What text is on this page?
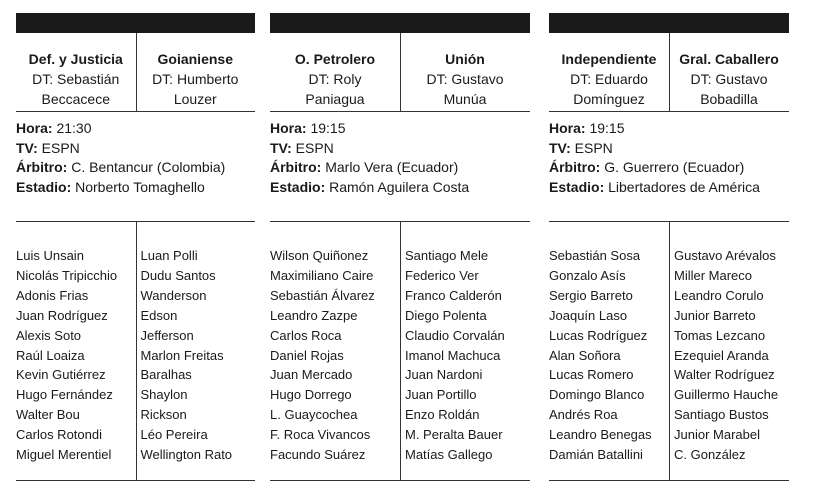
Def. y Justicia
DT: Sebastián
Beccacece
Goianiense
DT: Humberto
Louzer
Hora: 21:30
TV: ESPN
Árbitro: C. Bentancur (Colombia)
Estadio: Norberto Tomaghello
Luis Unsain
Nicolás Tripicchio
Adonis Frias
Juan Rodríguez
Alexis Soto
Raúl Loaiza
Kevin Gutiérrez
Hugo Fernández
Walter Bou
Carlos Rotondi
Miguel Merentiel
Luan Polli
Dudu Santos
Wanderson
Edson
Jefferson
Marlon Freitas
Baralhas
Shaylon
Rickson
Léo Pereira
Wellington Rato
O. Petrolero
DT: Roly
Paniagua
Unión
DT: Gustavo
Munúa
Hora: 19:15
TV: ESPN
Árbitro: Marlo Vera (Ecuador)
Estadio: Ramón Aguilera Costa
Wilson Quiñonez
Maximiliano Caire
Sebastián Álvarez
Leandro Zazpe
Carlos Roca
Daniel Rojas
Juan Mercado
Hugo Dorrego
L. Guaycochea
F. Roca Vivancos
Facundo Suárez
Santiago Mele
Federico Ver
Franco Calderón
Diego Polenta
Claudio Corvalán
Imanol Machuca
Juan Nardoni
Juan Portillo
Enzo Roldán
M. Peralta Bauer
Matías Gallego
Independiente
DT: Eduardo
Domínguez
Gral. Caballero
DT: Gustavo
Bobadilla
Hora: 19:15
TV: ESPN
Árbitro: G. Guerrero (Ecuador)
Estadio: Libertadores de América
Sebastián Sosa
Gonzalo Asís
Sergio Barreto
Joaquín Laso
Lucas Rodríguez
Alan Soñora
Lucas Romero
Domingo Blanco
Andrés Roa
Leandro Benegas
Damián Batallini
Gustavo Arévalos
Miller Mareco
Leandro Corulo
Junior Barreto
Tomas Lezcano
Ezequiel Aranda
Walter Rodríguez
Guillermo Hauche
Santiago Bustos
Junior Marabel
C. González
